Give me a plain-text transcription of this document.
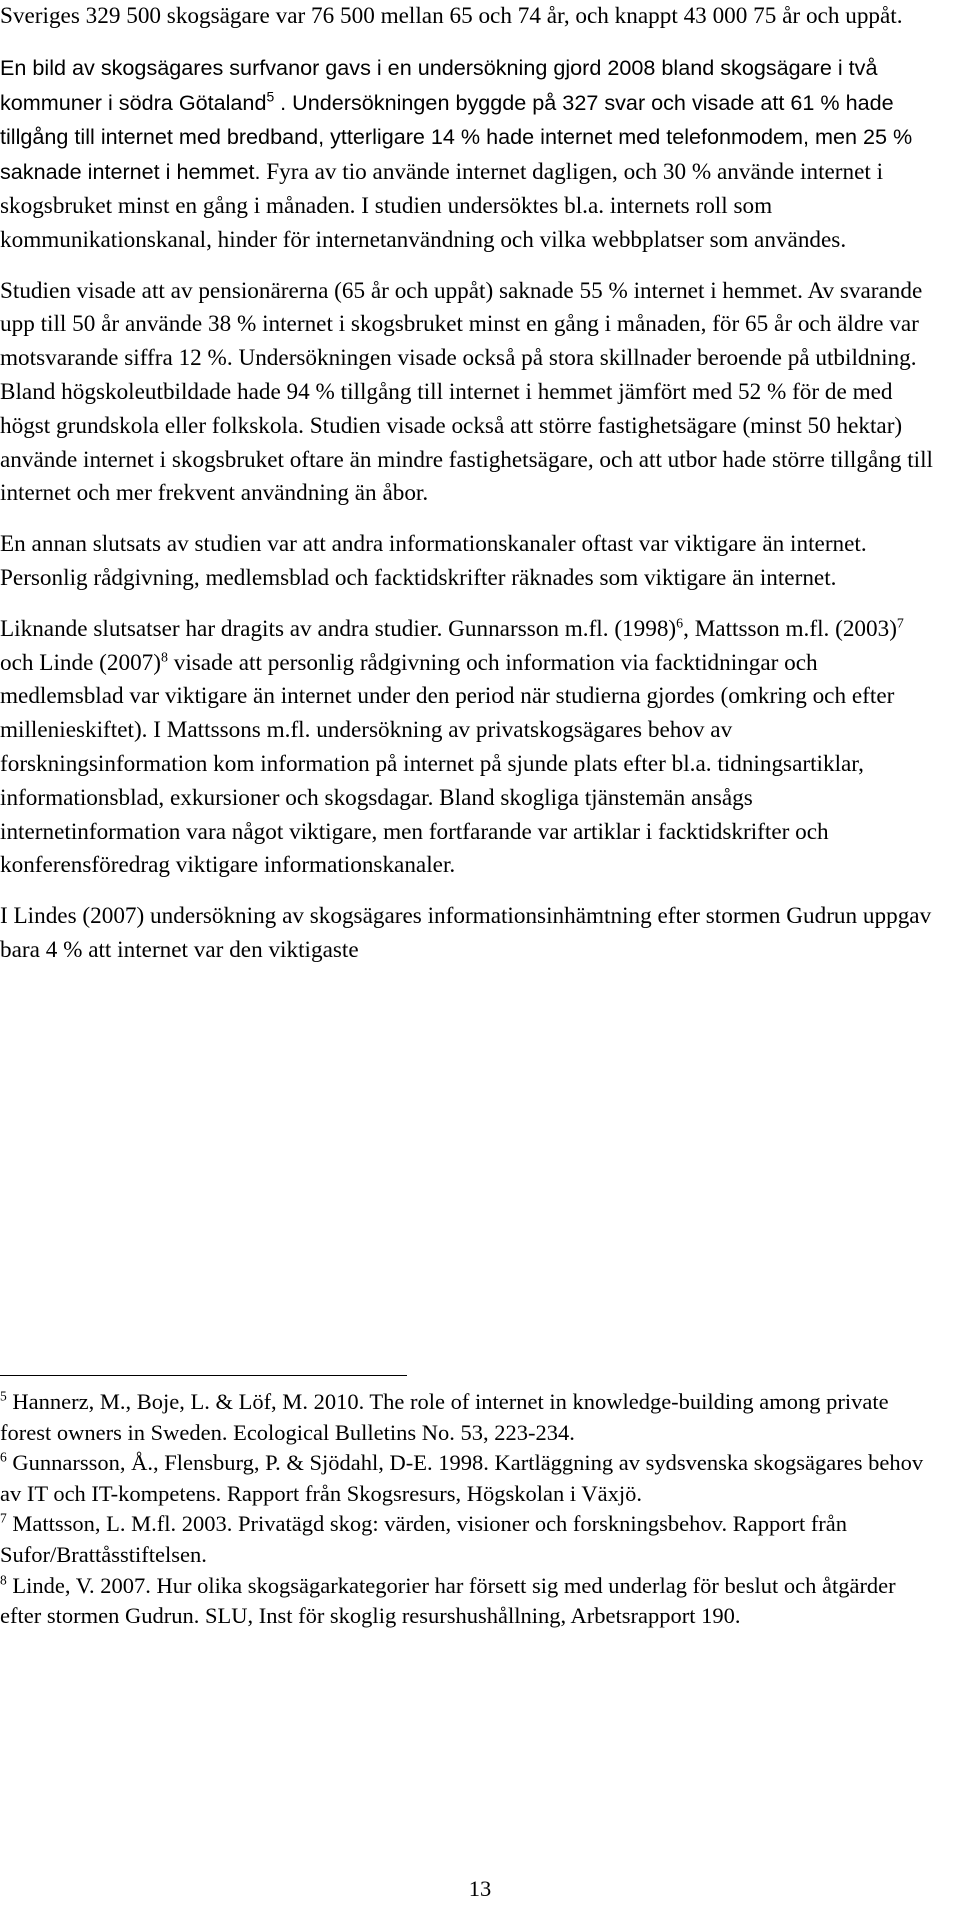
Sveriges 329 500 skogsägare var 76 500 mellan 65 och 74 år, och knappt 43 000 75 år och uppåt.

En bild av skogsägares surfvanor gavs i en undersökning gjord 2008 bland skogsägare i två kommuner i södra Götaland$^5$ . Undersökningen byggde på 327 svar och visade att 61 % hade tillgång till internet med bredband, ytterligare 14 % hade internet med telefonmodem, men 25 % saknade internet i hemmet. Fyra av tio använde internet dagligen, och 30 % använde internet i skogsbruket minst en gång i månaden. I studien undersöktes bl.a. internets roll som kommunikationskanal, hinder för internetanvändning och vilka webbplatser som användes.

Studien visade att av pensionärerna (65 år och uppåt) saknade 55 % internet i hemmet. Av svarande upp till 50 år använde 38 % internet i skogsbruket minst en gång i månaden, för 65 år och äldre var motsvarande siffra 12 %. Undersökningen visade också på stora skillnader beroende på utbildning. Bland högskoleutbildade hade 94 % tillgång till internet i hemmet jämfört med 52 % för de med högst grundskola eller folkskola. Studien visade också att större fastighetsägare (minst 50 hektar) använde internet i skogsbruket oftare än mindre fastighetsägare, och att utbor hade större tillgång till internet och mer frekvent användning än åbor.

En annan slutsats av studien var att andra informationskanaler oftast var viktigare än internet. Personlig rådgivning, medlemsblad och facktidskrifter räknades som viktigare än internet.

Liknande slutsatser har dragits av andra studier. Gunnarsson m.fl. $(1998)^6$, Mattsson m.fl. $(2003)^7$ och Linde $(2007)^8$ visade att personlig rådgivning och information via facktidningar och medlemsblad var viktigare än internet under den period när studierna gjordes (omkring och efter millenieskiftet). I Mattssons m.fl. undersökning av privatskogsägares behov av forskningsinformation kom information på internet på sjunde plats efter bl.a. tidningsartiklar, informationsblad, exkursioner och skogsdagar. Bland skogliga tjänstemän ansågs internetinformation vara något viktigare, men fortfarande var artiklar i facktidskrifter och konferensföredrag viktigare informationskanaler.

I Lindes (2007) undersökning av skogsägares informationsinhämtning efter stormen Gudrun uppgav bara 4 % att internet var den viktigaste

$^5$ Hannerz, M., Boje, L. & Löf, M. 2010. The role of internet in knowledge-building among private forest owners in Sweden. Ecological Bulletins No. 53, 223-234.

$^6$ Gunnarsson, Å., Flensburg, P. & Sjödahl, D-E. 1998. Kartläggning av sydsvenska skogsägares behov av IT och IT-kompetens. Rapport från Skogsresurs, Högskolan i Växjö.

$^7$ Mattsson, L. M.fl. 2003. Privatägd skog: värden, visioner och forskningsbehov. Rapport från Sufor/Brattåsstiftelsen.

$^8$ Linde, V. 2007. Hur olika skogsägarkategorier har försett sig med underlag för beslut och åtgärder efter stormen Gudrun. SLU, Inst för skoglig resurshushållning, Arbetsrapport 190.

13
